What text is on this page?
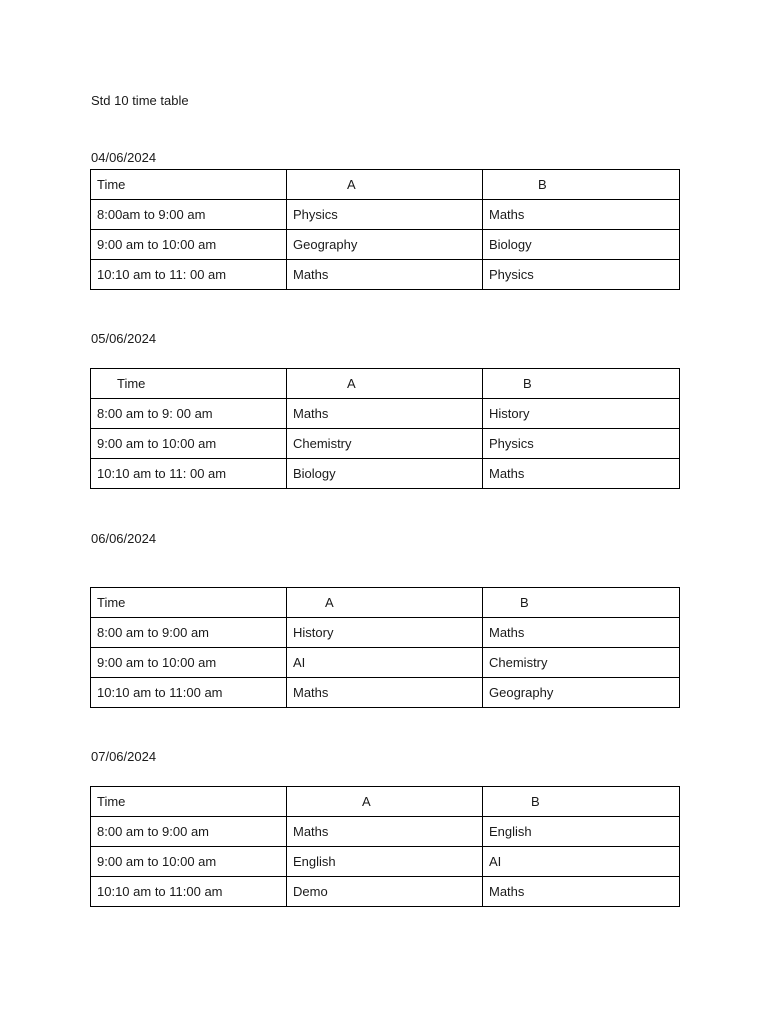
Std 10 time table
04/06/2024
Time	A	B
8:00am to 9:00 am	Physics	Maths
9:00 am to 10:00 am	Geography	Biology
10:10 am to 11: 00 am	Maths	Physics
05/06/2024
Time	A	B
8:00 am to 9: 00 am	Maths	History
9:00 am to 10:00 am	Chemistry	Physics
10:10 am to 11: 00 am	Biology	Maths
06/06/2024
Time	A	B
8:00 am to 9:00 am	History	Maths
9:00 am to 10:00 am	AI	Chemistry
10:10 am to 11:00 am	Maths	Geography
07/06/2024
Time	A	B
8:00 am to 9:00 am	Maths	English
9:00 am to 10:00 am	English	AI
10:10 am to 11:00 am	Demo	Maths
